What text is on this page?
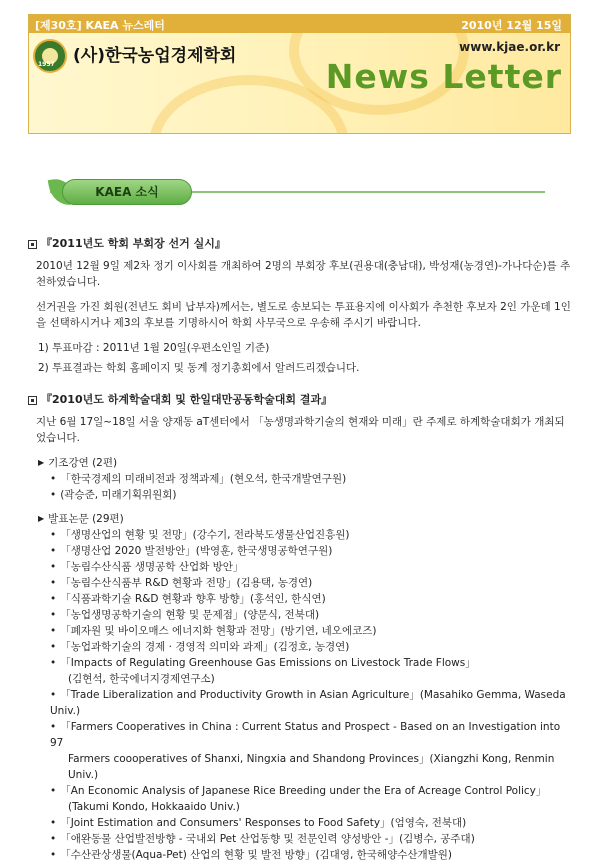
[제30호] KAEA 뉴스레터	2010년 12월 15일
1957 (사)한국농업경제학회	www.kjae.or.kr
News Letter
KAEA 소식
『2011년도 학회 부회장 선거 실시』
2010년 12월 9일 제2차 정기 이사회를 개최하여 2명의 부회장 후보(권용대(충남대), 박성재(농경연)-가나다순)를 추천하였습니다.
선거권을 가진 회원(전년도 회비 납부자)께서는, 별도로 송보되는 투표용지에 이사회가 추천한 후보자 2인 가운데 1인을 선택하시거나 제3의 후보를 기명하시어 학회 사무국으로 우송해 주시기 바랍니다.
1) 투표마감 : 2011년 1월 20일(우편소인일 기준)
2) 투표결과는 학회 홈페이지 및 동계 정기총회에서 알려드리겠습니다.
『2010년도 하계학술대회 및 한일대만공동학술대회 결과』
지난 6월 17일~18일 서울 양재동 aT센터에서 「농생명과학기술의 현재와 미래」란 주제로 하계학술대회가 개최되었습니다.
▶ 기조강연 (2편)
• 「한국경제의 미래비전과 정책과제」(현오석, 한국개발연구원)
• (곽승준, 미래기획위원회)
▶ 발표논문 (29편)
• 「생명산업의 현황 및 전망」(강수기, 전라북도생물산업진흥원)
• 「생명산업 2020 발전방안」(박영훈, 한국생명공학연구원)
• 「농림수산식품 생명공학 산업화 방안」
• 「농림수산식품부 R&D 현황과 전망」(김용택, 농경연)
• 「식품과학기술 R&D 현황과 향후 방향」(홍석인, 한식연)
• 「농업생명공학기술의 현황 및 문제점」(양문식, 전북대)
• 「폐자원 및 바이오매스 에너지화 현황과 전망」(방기연, 네오에코즈)
• 「농업과학기술의 경제 · 경영적 의미와 과제」(김정호, 농경연)
• 「Impacts of Regulating Greenhouse Gas Emissions on Livestock Trade Flows」
(김현석, 한국에너지경제연구소)
• 「Trade Liberalization and Productivity Growth in Asian Agriculture」(Masahiko Gemma, Waseda Univ.)
• 「Farmers Cooperatives in China : Current Status and Prospect - Based on an Investigation into 97
Farmers coooperatives of Shanxi, Ningxia and Shandong Provinces」(Xiangzhi Kong, Renmin Univ.)
• 「An Economic Analysis of Japanese Rice Breeding under the Era of Acreage Control Policy」
(Takumi Kondo, Hokkaaido Univ.)
• 「Joint Estimation and Consumers' Responses to Food Safety」(엄영숙, 전북대)
• 「애완동물 산업발전방향 - 국내외 Pet 산업동향 및 전문인력 양성방안 -」(김병수, 공주대)
• 「수산관상생물(Aqua-Pet) 산업의 현황 및 발전 방향」(김대영, 한국해양수산개발원)
